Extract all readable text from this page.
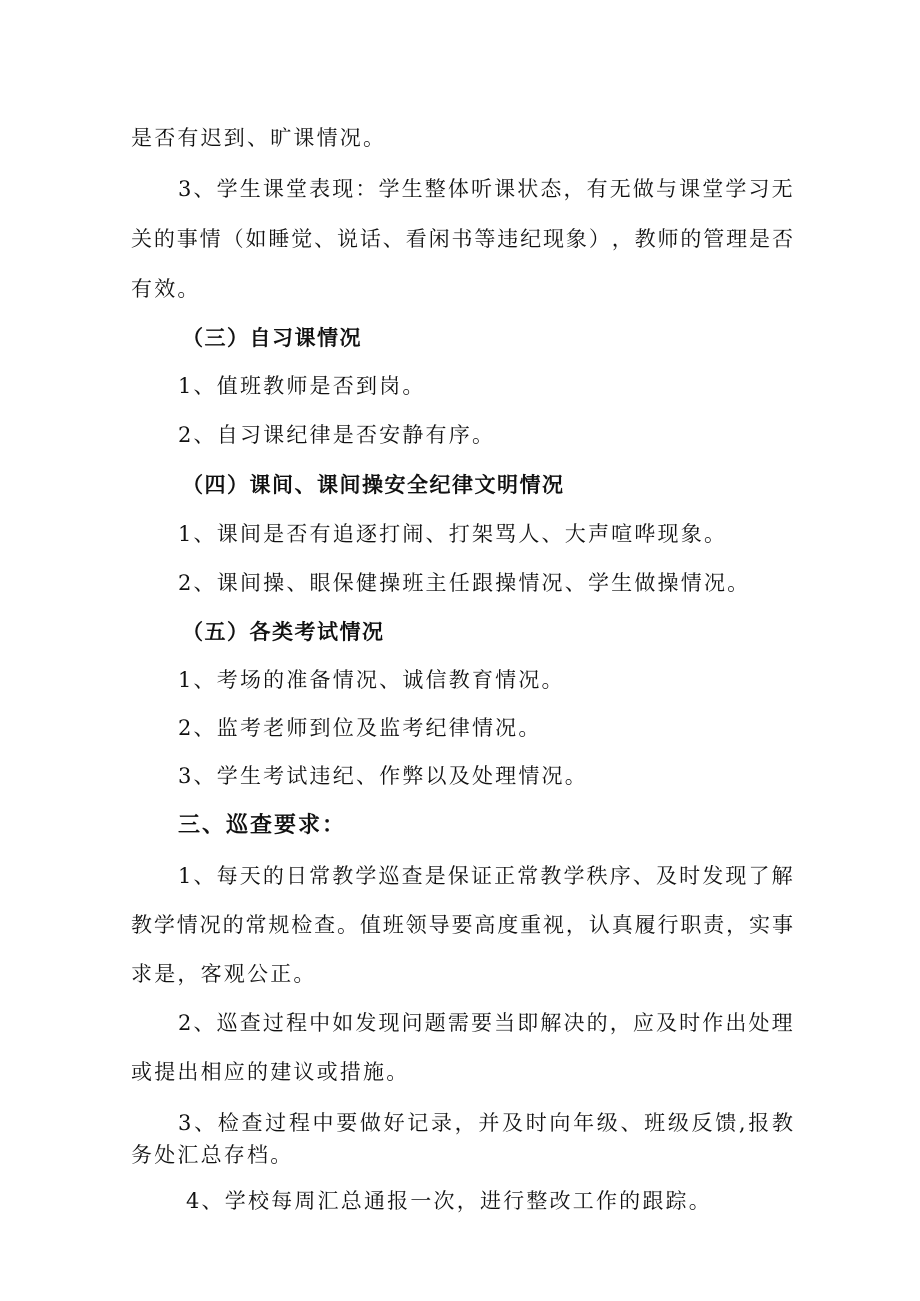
是否有迟到、旷课情况。
3 、 学 生 课 堂 表 现 ： 学 生 整 体 听 课 状 态 ， 有 无 做 与 课 堂 学 习 无
关 的 事 情 （ 如 睡 觉 、 说 话 、 看 闲 书 等 违 纪 现 象 ） ， 教 师 的 管 理 是 否
有效。
（三）自习课情况
1、值班教师是否到岗。
2、自习课纪律是否安静有序。
（四）课间、课间操安全纪律文明情况
1、课间是否有追逐打闹、打架骂人、大声喧哗现象。
2、课间操、眼保健操班主任跟操情况、学生做操情况。
（五）各类考试情况
1、考场的准备情况、诚信教育情况。
2、监考老师到位及监考纪律情况。
3、学生考试违纪、作弊以及处理情况。
三、巡查要求：
1 、 每 天 的 日 常 教 学 巡 查 是 保 证 正 常 教 学 秩 序 、 及 时 发 现 了 解
教 学 情 况 的 常 规 检 查 。 值 班 领 导 要 高 度 重 视 ， 认 真 履 行 职 责 ， 实 事
求是，客观公正。
2 、 巡 查 过 程 中 如 发 现 问 题 需 要 当 即 解 决 的 ， 应 及 时 作 出 处 理
或提出相应的建议或措施。
3 、 检 查 过 程 中 要 做 好 记 录 ， 并 及 时 向 年 级 、 班 级 反 馈 , 报 教
务处汇总存档。
4、学校每周汇总通报一次，进行整改工作的跟踪。
